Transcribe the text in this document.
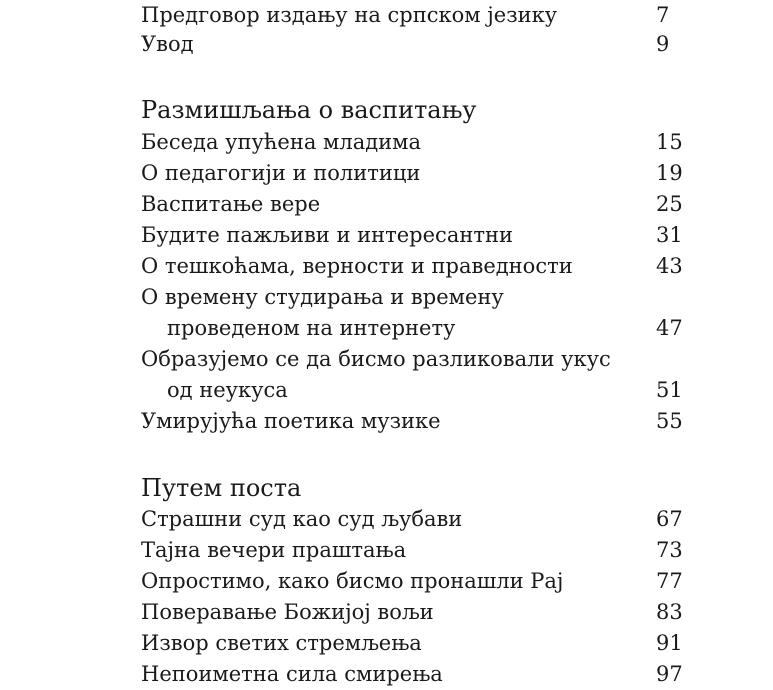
Предговор издању на српском језику	7
Увод	9
Размишљања о васпитању
Беседа упућена младима	15
О педагогији и политици	19
Васпитање вере	25
Будите пажљиви и интересантни	31
О тешкоћама, верности и праведности	43
О времену студирања и времену
проведеном на интернету	47
Образујемо се да бисмо разликовали укус
од неукуса	51
Умирујућа поетика музике	55
Путем поста
Страшни суд као суд љубави	67
Тајна вечери праштања	73
Опростимо, како бисмо пронашли Рај	77
Поверавање Божијој вољи	83
Извор светих стремљења	91
Непоиметна сила смирења	97
